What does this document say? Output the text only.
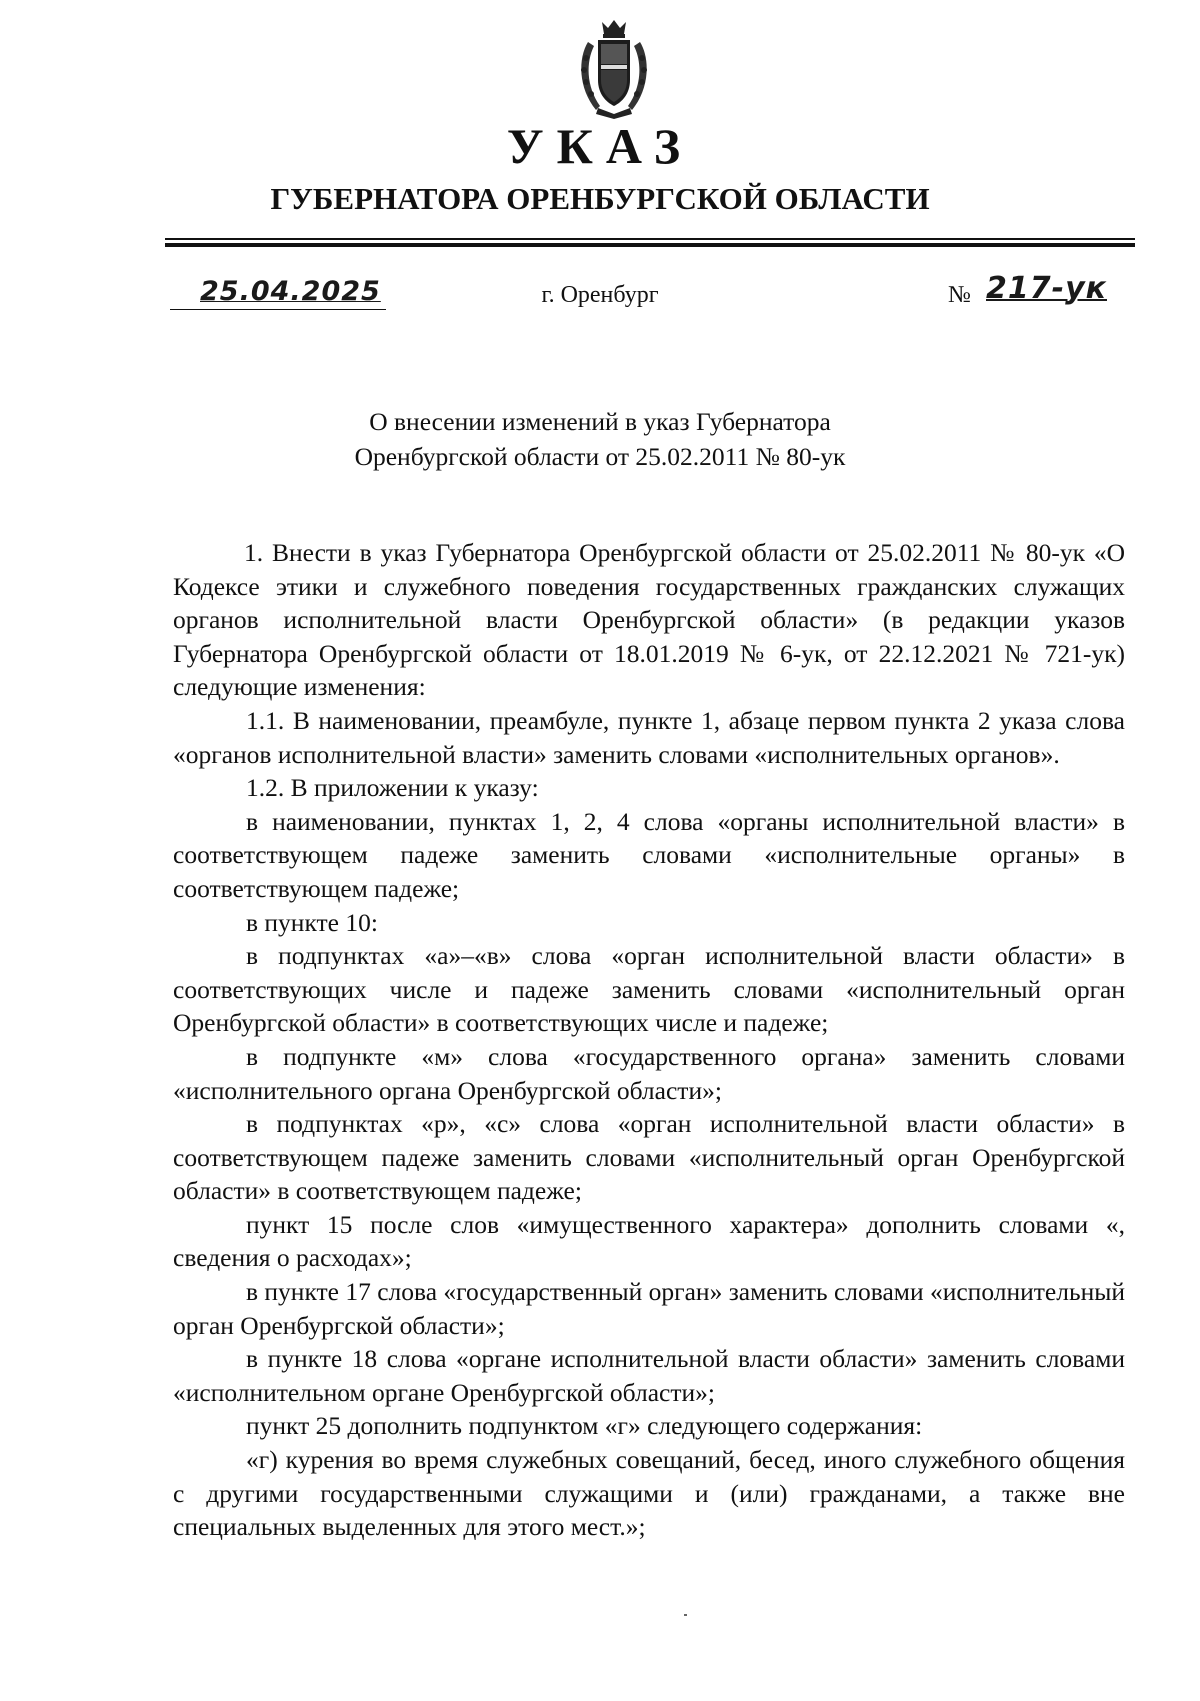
УКАЗ
ГУБЕРНАТОРА ОРЕНБУРГСКОЙ ОБЛАСТИ
25.04.2025	г. Оренбург	№ 217-ук
О внесении изменений в указ Губернатора
Оренбургской области от 25.02.2011 № 80-ук

1. Внести в указ Губернатора Оренбургской области от 25.02.2011 № 80-ук «О Кодексе этики и служебного поведения государственных гражданских служащих органов исполнительной власти Оренбургской области» (в редакции указов Губернатора Оренбургской области от 18.01.2019 № 6-ук, от 22.12.2021 № 721-ук) следующие изменения:

1.1. В наименовании, преамбуле, пункте 1, абзаце первом пункта 2 указа слова «органов исполнительной власти» заменить словами «исполнительных органов».

1.2. В приложении к указу:

в наименовании, пунктах 1, 2, 4 слова «органы исполнительной власти» в соответствующем падеже заменить словами «исполнительные органы» в соответствующем падеже;

в пункте 10:

в подпунктах «а»–«в» слова «орган исполнительной власти области» в соответствующих числе и падеже заменить словами «исполнительный орган Оренбургской области» в соответствующих числе и падеже;

в подпункте «м» слова «государственного органа» заменить словами «исполнительного органа Оренбургской области»;

в подпунктах «р», «с» слова «орган исполнительной власти области» в соответствующем падеже заменить словами «исполнительный орган Оренбургской области» в соответствующем падеже;

пункт 15 после слов «имущественного характера» дополнить словами «, сведения о расходах»;

в пункте 17 слова «государственный орган» заменить словами «исполнительный орган Оренбургской области»;

в пункте 18 слова «органе исполнительной власти области» заменить словами «исполнительном органе Оренбургской области»;

пункт 25 дополнить подпунктом «г» следующего содержания:

«г) курения во время служебных совещаний, бесед, иного служебного общения с другими государственными служащими и (или) гражданами, а также вне специальных выделенных для этого мест.»;
